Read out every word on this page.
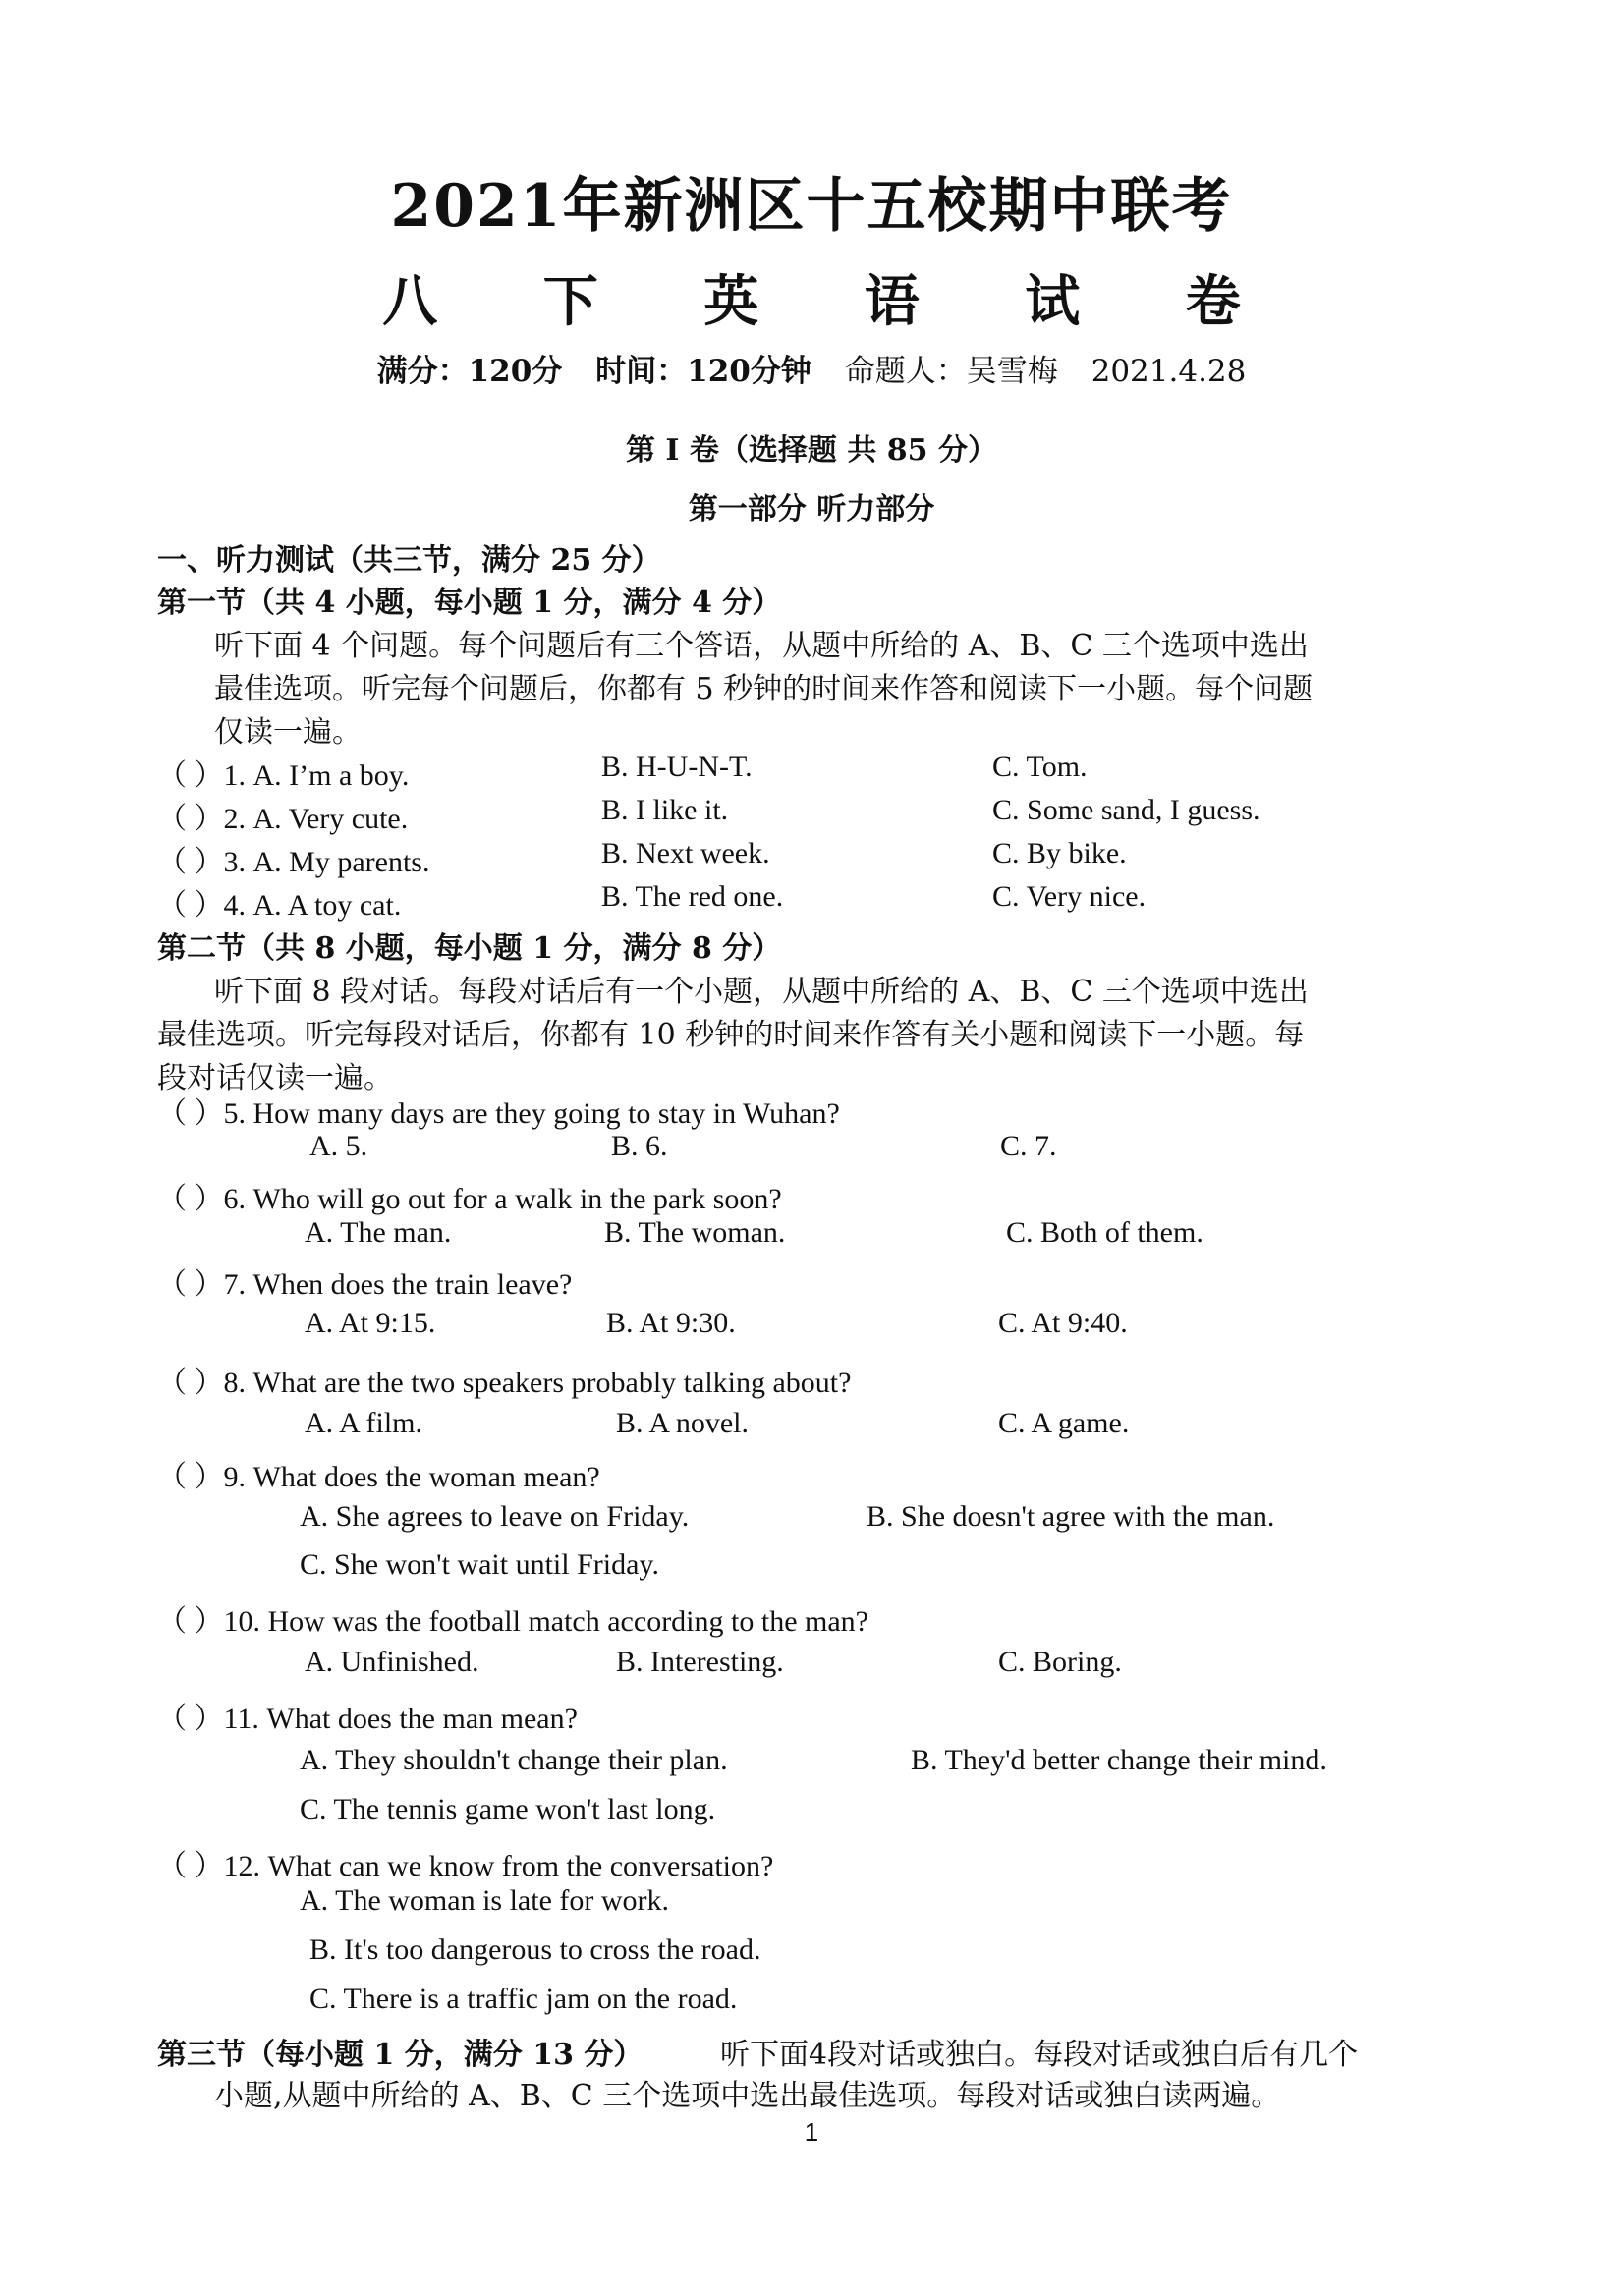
2021年新洲区十五校期中联考
八 下 英 语 试 卷
满分：120分 时间：120分钟 命题人：吴雪梅 2021.4.28
第 I 卷（选择题 共 85 分）
第一部分 听力部分
一、听力测试（共三节，满分 25 分）
第一节（共 4 小题，每小题 1 分，满分 4 分）
听下面 4 个问题。每个问题后有三个答语，从题中所给的 A、B、C 三个选项中选出
最佳选项。听完每个问题后，你都有 5 秒钟的时间来作答和阅读下一小题。每个问题
仅读一遍。
（ ）1. A. I’m a boy.	B. H-U-N-T.	C. Tom.
（ ）2. A. Very cute.	B. I like it.	C. Some sand, I guess.
（ ）3. A. My parents.	B. Next week.	C. By bike.
（ ）4. A. A toy cat.	B. The red one.	C. Very nice.
第二节（共 8 小题，每小题 1 分，满分 8 分）
听下面 8 段对话。每段对话后有一个小题，从题中所给的 A、B、C 三个选项中选出
最佳选项。听完每段对话后，你都有 10 秒钟的时间来作答有关小题和阅读下一小题。每
段对话仅读一遍。
（ ）5. How many days are they going to stay in Wuhan?
A. 5.	B. 6.	C. 7.
（ ）6. Who will go out for a walk in the park soon?
A. The man.	B. The woman.	C. Both of them.
（ ）7. When does the train leave?
A. At 9:15.	B. At 9:30.	C. At 9:40.
（ ）8. What are the two speakers probably talking about?
A. A film.	B. A novel.	C. A game.
（ ）9. What does the woman mean?
A. She agrees to leave on Friday.	B. She doesn't agree with the man.
C. She won't wait until Friday.
（ ）10. How was the football match according to the man?
A. Unfinished.	B. Interesting.	C. Boring.
（ ）11. What does the man mean?
A. They shouldn't change their plan.	B. They'd better change their mind.
C. The tennis game won't last long.
（ ）12. What can we know from the conversation?
A. The woman is late for work.
B. It's too dangerous to cross the road.
C. There is a traffic jam on the road.
第三节（每小题 1 分，满分 13 分）	听下面4段对话或独白。每段对话或独白后有几个
小题,从题中所给的 A、B、C 三个选项中选出最佳选项。每段对话或独白读两遍。
1
